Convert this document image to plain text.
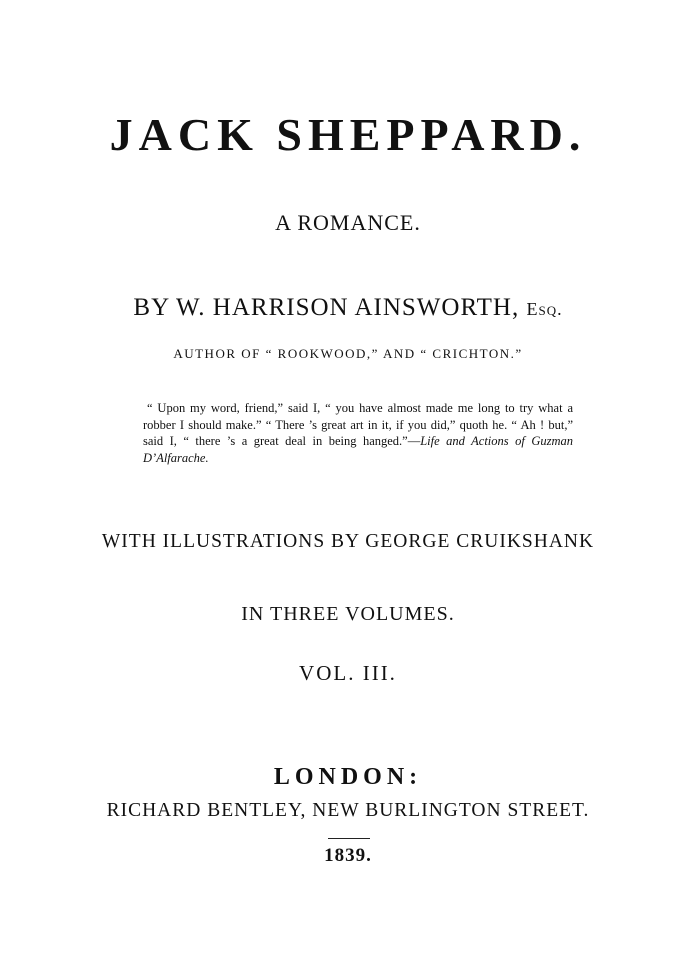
JACK SHEPPARD.
A ROMANCE.
BY W. HARRISON AINSWORTH, Esq.
AUTHOR OF “ ROOKWOOD,” AND “ CRICHTON.”
“ Upon my word, friend,” said I, “ you have almost made me long to try what a robber I should make.” “ There ’s great art in it, if you did,” quoth he. “ Ah ! but,” said I, “ there ’s a great deal in being hanged.”—Life and Actions of Guzman D’Alfarache.
WITH ILLUSTRATIONS BY GEORGE CRUIKSHANK
IN THREE VOLUMES.
VOL. III.
LONDON:
RICHARD BENTLEY, NEW BURLINGTON STREET.
1839.
